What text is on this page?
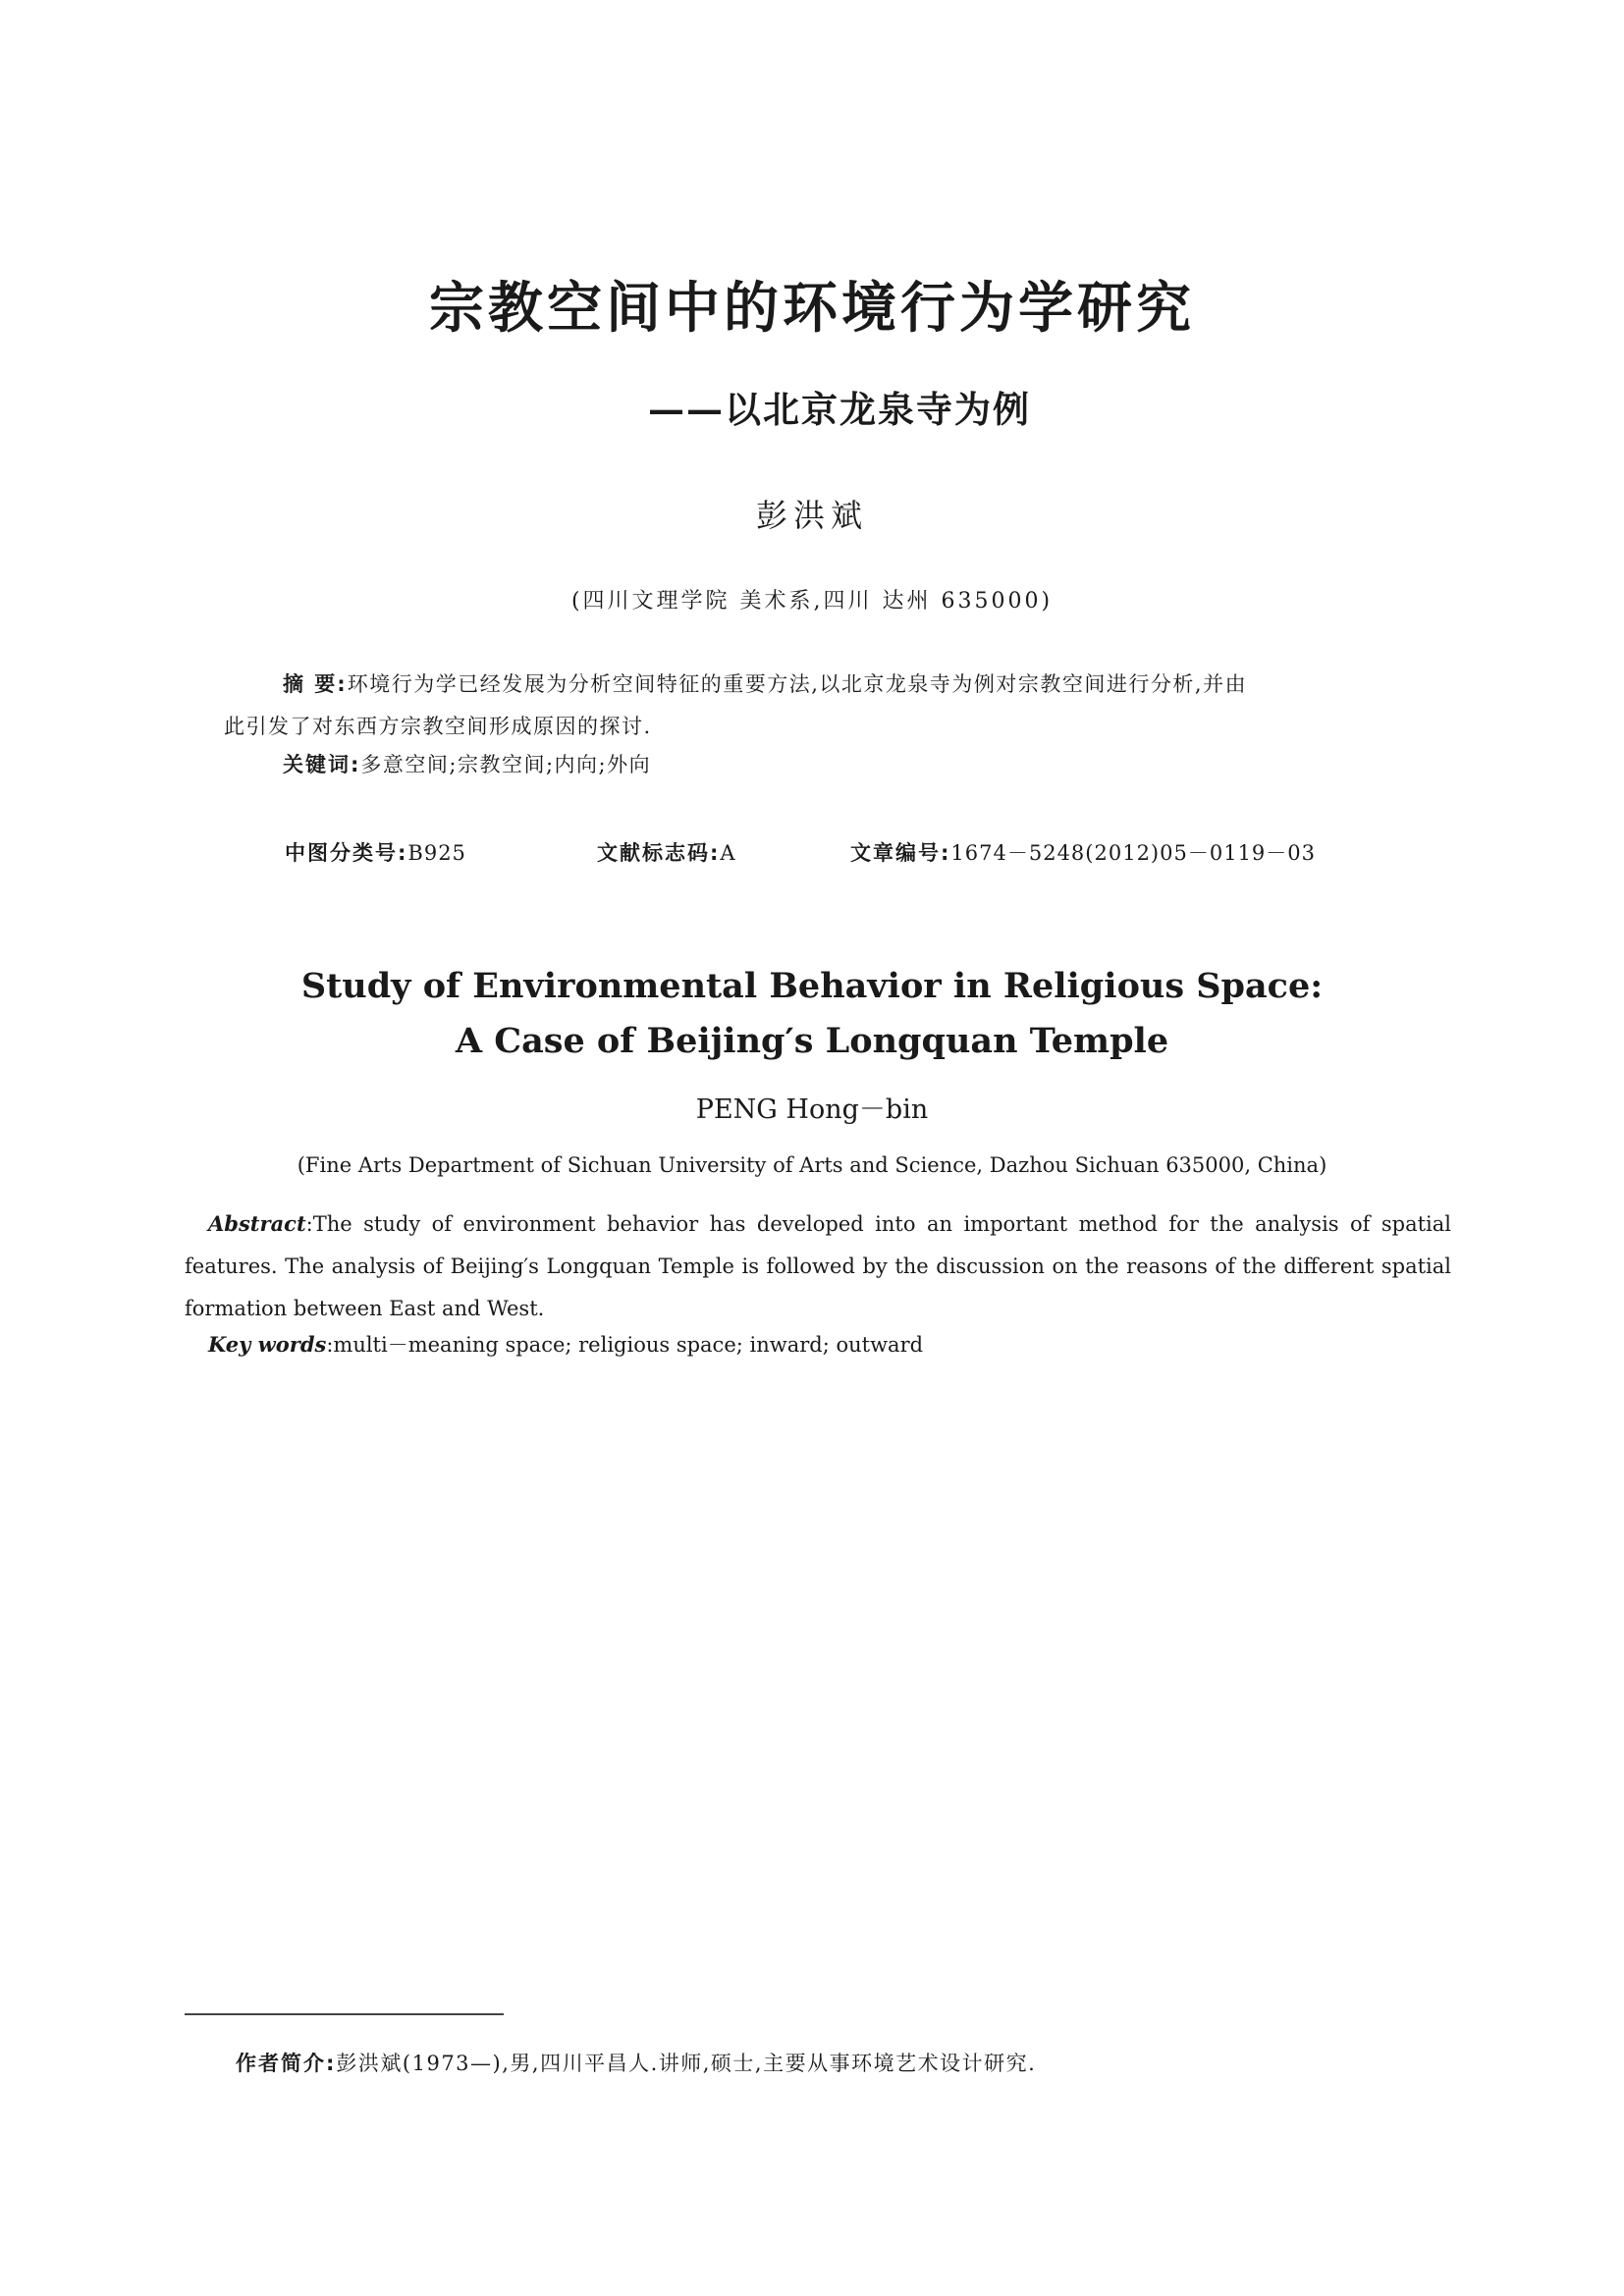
宗教空间中的环境行为学研究
——以北京龙泉寺为例
彭洪斌
(四川文理学院 美术系,四川 达州 635000)
摘 要:环境行为学已经发展为分析空间特征的重要方法,以北京龙泉寺为例对宗教空间进行分析,并由
此引发了对东西方宗教空间形成原因的探讨.
关键词:多意空间;宗教空间;内向;外向
中图分类号:B925	文献标志码:A	文章编号:1674－5248(2012)05－0119－03
Study of Environmental Behavior in Religious Space:
A Case of Beijing′s Longquan Temple
PENG Hong－bin
(Fine Arts Department of Sichuan University of Arts and Science, Dazhou Sichuan 635000, China)
Abstract:The study of environment behavior has developed into an important method for the analysis of spatial features. The analysis of Beijing′s Longquan Temple is followed by the discussion on the reasons of the different spatial formation between East and West.
Key words:multi－meaning space; religious space; inward; outward
作者简介:彭洪斌(1973—),男,四川平昌人.讲师,硕士,主要从事环境艺术设计研究.
